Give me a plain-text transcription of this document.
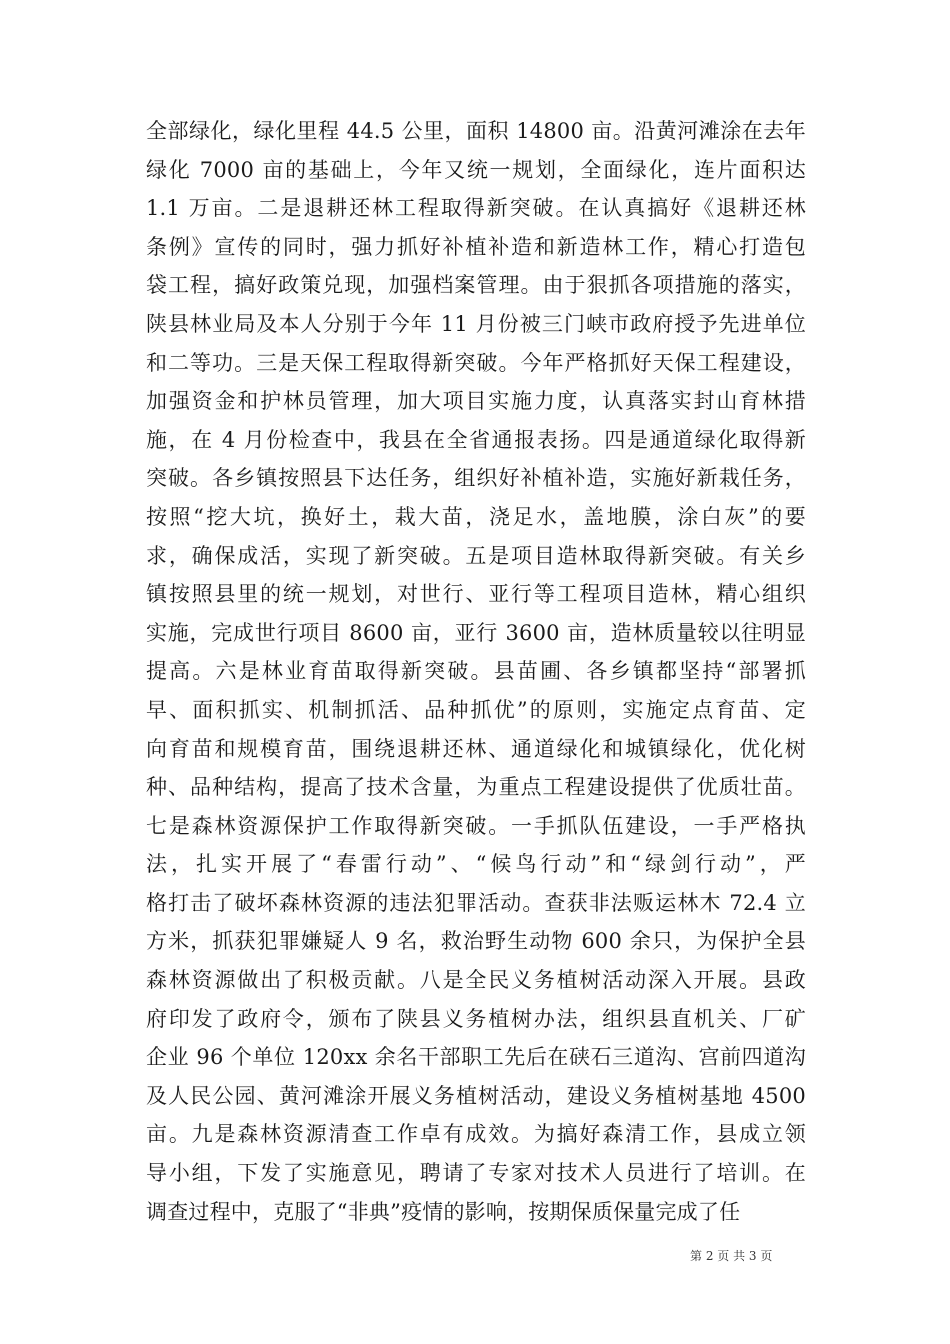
全部绿化，绿化里程 44.5 公里，面积 14800 亩。沿黄河滩涂在去年
绿化 7000 亩的基础上，今年又统一规划，全面绿化，连片面积达
1.1 万亩。二是退耕还林工程取得新突破。在认真搞好《退耕还林
条例》宣传的同时，强力抓好补植补造和新造林工作，精心打造包
袋工程，搞好政策兑现，加强档案管理。由于狠抓各项措施的落实，
陕县林业局及本人分别于今年 11 月份被三门峡市政府授予先进单位
和二等功。三是天保工程取得新突破。今年严格抓好天保工程建设，
加强资金和护林员管理，加大项目实施力度，认真落实封山育林措
施，在 4 月份检查中，我县在全省通报表扬。四是通道绿化取得新
突破。各乡镇按照县下达任务，组织好补植补造，实施好新栽任务，
按照“挖大坑，换好土，栽大苗，浇足水，盖地膜，涂白灰”的要
求，确保成活，实现了新突破。五是项目造林取得新突破。有关乡
镇按照县里的统一规划，对世行、亚行等工程项目造林，精心组织
实施，完成世行项目 8600 亩，亚行 3600 亩，造林质量较以往明显
提高。六是林业育苗取得新突破。县苗圃、各乡镇都坚持“部署抓
早、面积抓实、机制抓活、品种抓优”的原则，实施定点育苗、定
向育苗和规模育苗，围绕退耕还林、通道绿化和城镇绿化，优化树
种、品种结构，提高了技术含量，为重点工程建设提供了优质壮苗。
七是森林资源保护工作取得新突破。一手抓队伍建设，一手严格执
法，扎实开展了“春雷行动”、“候鸟行动”和“绿剑行动”，严
格打击了破坏森林资源的违法犯罪活动。查获非法贩运林木 72.4 立
方米，抓获犯罪嫌疑人 9 名，救治野生动物 600 余只，为保护全县
森林资源做出了积极贡献。八是全民义务植树活动深入开展。县政
府印发了政府令，颁布了陕县义务植树办法，组织县直机关、厂矿
企业 96 个单位 120xx 余名干部职工先后在硖石三道沟、宫前四道沟
及人民公园、黄河滩涂开展义务植树活动，建设义务植树基地 4500
亩。九是森林资源清查工作卓有成效。为搞好森清工作，县成立领
导小组，下发了实施意见，聘请了专家对技术人员进行了培训。在
调查过程中，克服了“非典”疫情的影响，按期保质保量完成了任
第 2 页 共 3 页
